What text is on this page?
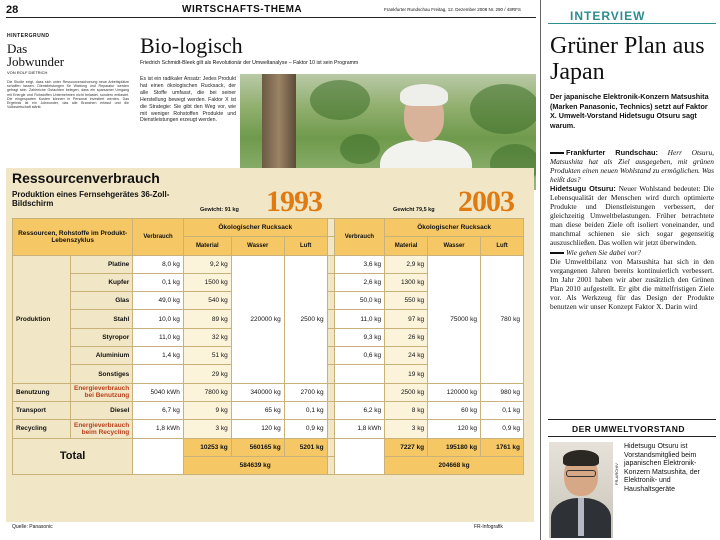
28	WIRTSCHAFTS-THEMA	Frankfurter Rundschau Freitag, 12. Dezember 2008 Nr. 290 / 48RFS
HINTERGRUND
Das Jobwunder
VON ROLF DIETRICH
Die Studie zeigt, dass sich unter Ressourcenschonung neue Arbeitsplätze schaffen lassen. Dienstleistungen für Wartung und Reparatur werden gefragt sein. Zahlreiche Gutachten belegen, dass ein sparsamer Umgang mit Energie und Rohstoffen Unternehmen nicht belastet, sondern entlastet. Die eingesparten Kosten können in Personal investiert werden. Das Ergebnis ist ein Jobwunder, das alle Branchen erfasst und die Volkswirtschaft stärkt.
Bio-logisch
Friedrich Schmidt-Bleek gilt als Revolutionär der Umweltanalyse – Faktor 10 ist sein Programm
Es ist ein radikaler Ansatz: Jedes Produkt hat einen ökologischen Rucksack, der alle Stoffe umfasst, die bei seiner Herstellung bewegt werden. Faktor X ist die Strategie: Sie gibt den Weg vor, wie mit weniger Rohstoffen Produkte und Dienstleistungen erzeugt werden.
Ressourcenverbrauch
Produktion eines Fernsehgerätes 36-Zoll-Bildschirm
Gewicht: 91 kg	Gewicht 79,5 kg
1993	2003
Ressourcen, Rohstoffe im Produkt-Lebenszyklus		Verbrauch	Ökologischer Rucksack				Verbrauch	Ökologischer Rucksack		
			Material	Wasser	Luft			Material	Wasser	Luft
Produktion	Platine	8,0 kg	9,2 kg	220000 kg	2500 kg		3,6 kg	2,9 kg	75000 kg	780 kg
	Kupfer	0,1 kg	1500 kg				2,6 kg	1300 kg		
	Glas	49,0 kg	540 kg				50,0 kg	550 kg		
	Stahl	10,0 kg	89 kg				11,0 kg	97 kg		
	Styropor	11,0 kg	32 kg				9,3 kg	26 kg		
	Aluminium	1,4 kg	51 kg				0,6 kg	24 kg		
	Sonstiges		29 kg					19 kg		
Benutzung	Energieverbrauch bei Benutzung	5040 kWh	7800 kg	340000 kg	2700 kg			2500 kg	120000 kg	980 kg
Transport	Diesel	6,7 kg	9 kg	65 kg	0,1 kg		6,2 kg	8 kg	60 kg	0,1 kg
Recycling	Energieverbrauch beim Recycling	1,8 kWh	3 kg	120 kg	0,9 kg		1,8 kWh	3 kg	120 kg	0,9 kg
Total			10253 kg	560165 kg	5201 kg			7227 kg	195180 kg	1761 kg
			584639 kg					204668 kg		
Quelle: Panasonic	FR-Infografik
INTERVIEW
Grüner Plan aus Japan
Der japanische Elektronik-Konzern Matsushita (Marken Panasonic, Technics) setzt auf Faktor X. Umwelt-Vorstand Hidetsugu Otsuru sagt warum.
Frankfurter Rundschau: Herr Otsuru, Matsushita hat als Ziel ausgegeben, mit grünen Produkten einen neuen Wohlstand zu ermöglichen. Was heißt das?
Hidetsugu Otsuru: Neuer Wohlstand bedeutet: Die Lebensqualität der Menschen wird durch optimierte Produkte und Dienstleistungen verbessert, der gleichzeitig Umweltbelastungen. Früher betrachtete man diese beiden Ziele oft isoliert voneinander, und manchmal schienen sie sich sogar gegenseitig auszuschließen. Das wollen wir jetzt überwinden.
Wie gehen Sie dabei vor?
Die Umweltbilanz von Matsushita hat sich in den vergangenen Jahren bereits kontinuierlich verbessert. Im Jahr 2001 haben wir aber zusätzlich den Grünen Plan 2010 aufgestellt. Er gibt die mittelfristigen Ziele vor. Als Werkzeug für das Design der Produkte benutzen wir unser Konzept Faktor X. Darin wird
DER UMWELTVORSTAND
FR-ARCHIV
Hidetsugu Otsuru ist Vorstandsmitglied beim japanischen Elektronik-Konzern Matsushita, der Elektronik- und Haushaltsgeräte
